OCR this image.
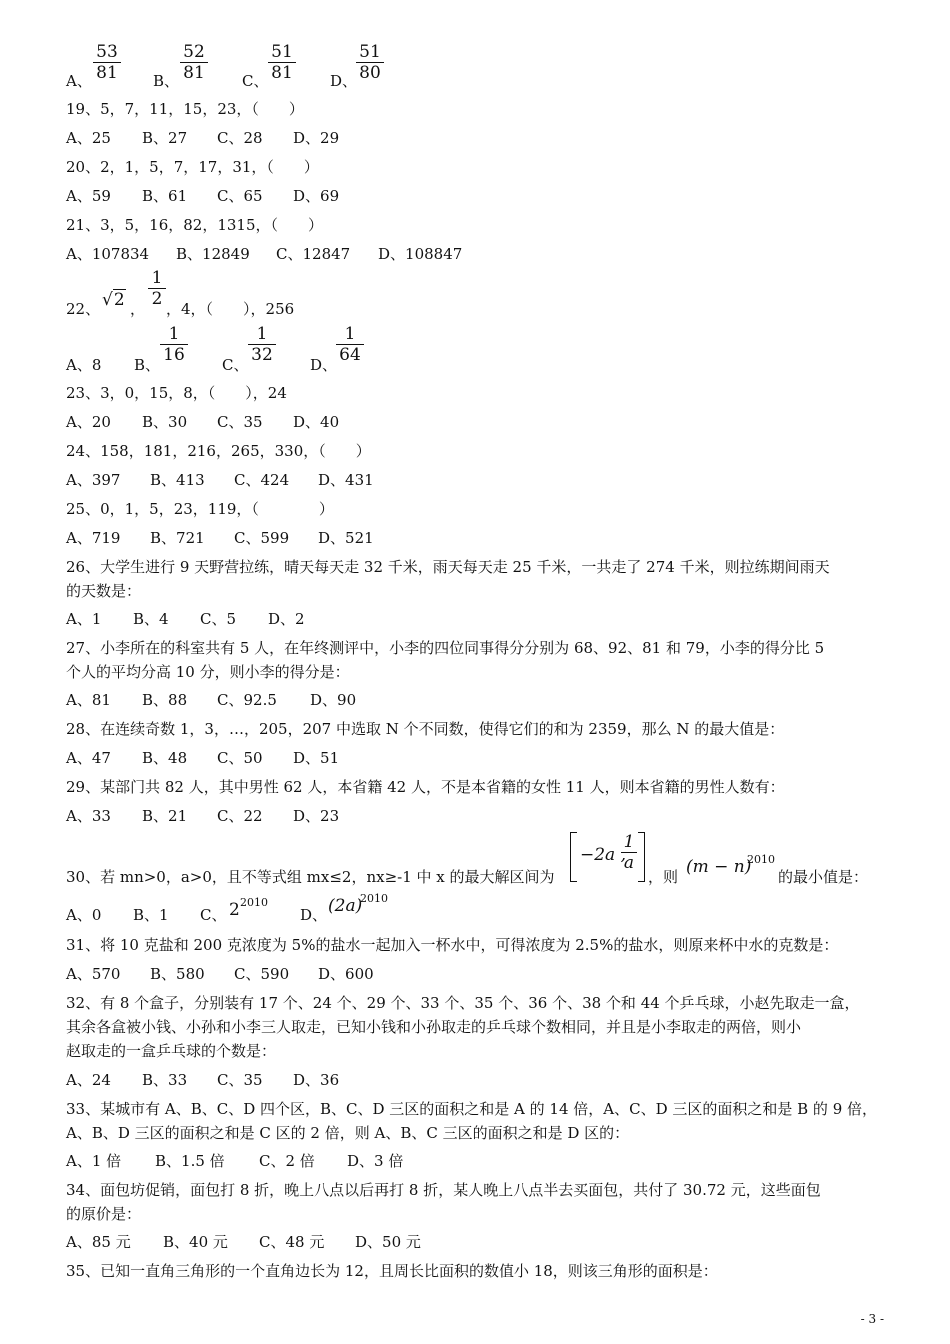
A、
53
81 B、
52
81 C、
51
81 D、
51
80
19、5，7，11，15，23，（　　）
A、25 B、27 C、28 D、29
20、2，1，5，7，17，31，（　　）
A、59 B、61 C、65 D、69
21、3，5，16，82，1315，（　　）
A、107834 B、12849 C、12847 D、108847
22、 √2 ，
1
2 ，4，（　　），256
A、8 B、
1
16 C、
1
32 D、
1
64
23、3，0，15，8，（　　），24
A、20 B、30 C、35 D、40
24、158，181，216，265，330，（　　）
A、397 B、413 C、424 D、431
25、0，1，5，23，119，（　　　　）
A、719 B、721 C、599 D、521
26、大学生进行 9 天野营拉练，晴天每天走 32 千米，雨天每天走 25 千米，一共走了 274 千米，则拉练期间雨天
的天数是：
A、1 B、4 C、5 D、2
27、小李所在的科室共有 5 人，在年终测评中，小李的四位同事得分分别为 68、92、81 和 79，小李的得分比 5
个人的平均分高 10 分，则小李的得分是：
A、81 B、88 C、92.5 D、90
28、在连续奇数 1，3，…，205，207 中选取 N 个不同数，使得它们的和为 2359，那么 N 的最大值是：
A、47 B、48 C、50 D、51
29、某部门共 82 人，其中男性 62 人，本省籍 42 人，不是本省籍的女性 11 人，则本省籍的男性人数有：
A、33 B、21 C、22 D、23
30、若 mn>0，a>0，且不等式组 mx≤2，nx≥-1 中 x 的最大解区间为
−2a ,
1
a
，则 (m − n)
2010
的最小值是：
A、0 B、1 C、 2 2010
D、 (2a)
2010
31、将 10 克盐和 200 克浓度为 5%的盐水一起加入一杯水中，可得浓度为 2.5%的盐水，则原来杯中水的克数是：
A、570 B、580 C、590 D、600
32、有 8 个盒子，分别装有 17 个、24 个、29 个、33 个、35 个、36 个、38 个和 44 个乒乓球，小赵先取走一盒，
其余各盒被小钱、小孙和小李三人取走，已知小钱和小孙取走的乒乓球个数相同，并且是小李取走的两倍，则小
赵取走的一盒乒乓球的个数是：
A、24 B、33 C、35 D、36
33、某城市有 A、B、C、D 四个区，B、C、D 三区的面积之和是 A 的 14 倍，A、C、D 三区的面积之和是 B 的 9 倍，
A、B、D 三区的面积之和是 C 区的 2 倍，则 A、B、C 三区的面积之和是 D 区的：
A、1 倍 B、1.5 倍 C、2 倍 D、3 倍
34、面包坊促销，面包打 8 折，晚上八点以后再打 8 折，某人晚上八点半去买面包，共付了 30.72 元，这些面包
的原价是：
A、85 元 B、40 元 C、48 元 D、50 元
35、已知一直角三角形的一个直角边长为 12，且周长比面积的数值小 18，则该三角形的面积是：
- 3 -
